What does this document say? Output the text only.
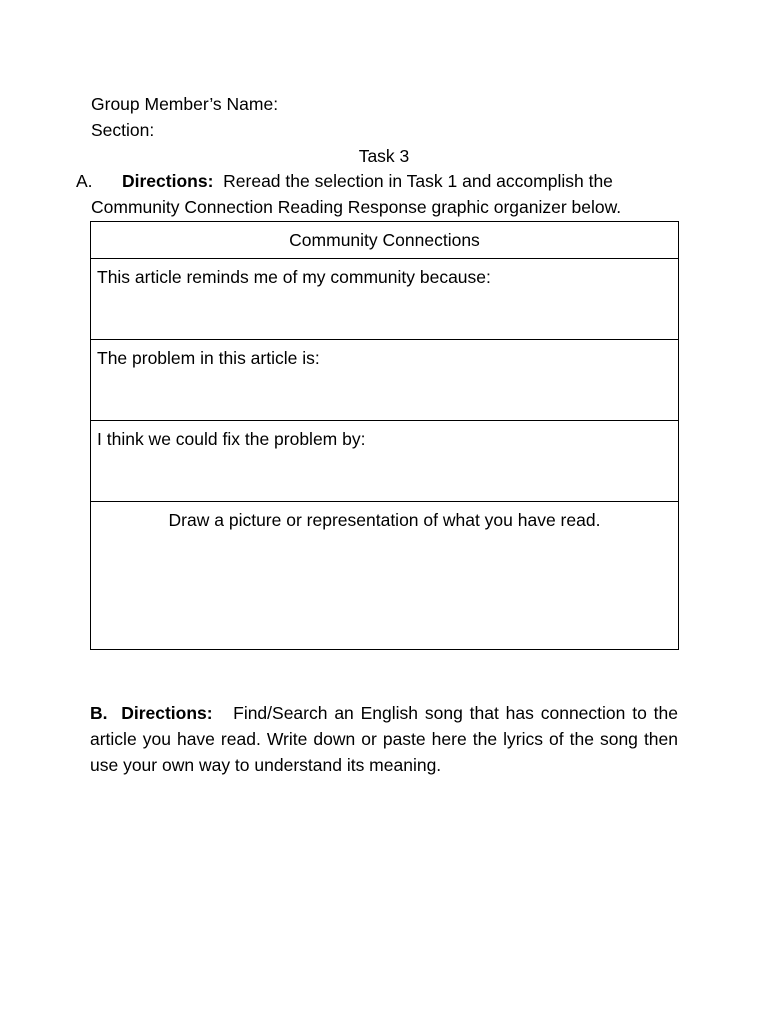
Group Member’s Name:
Section:
Task 3
A. Directions: Reread the selection in Task 1 and accomplish the
Community Connection Reading Response graphic organizer below.
Community Connections
This article reminds me of my community because:
The problem in this article is:
I think we could fix the problem by:
Draw a picture or representation of what you have read.
B. Directions: Find/Search an English song that has connection to the article you have read. Write down or paste here the lyrics of the song then use your own way to understand its meaning.
